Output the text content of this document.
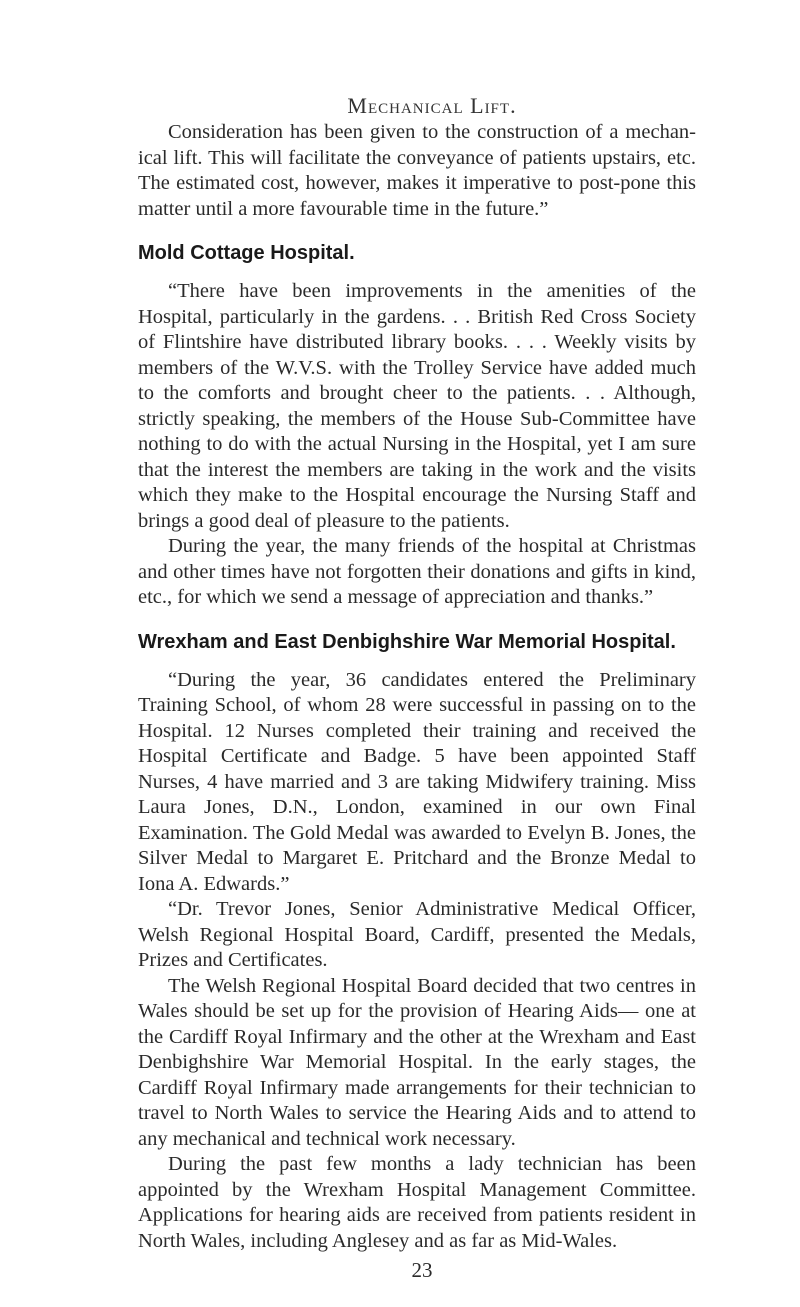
Mechanical Lift.

Consideration has been given to the construction of a mechan-ical lift. This will facilitate the conveyance of patients upstairs, etc. The estimated cost, however, makes it imperative to post-pone this matter until a more favourable time in the future.”

Mold Cottage Hospital.

“There have been improvements in the amenities of the Hospital, particularly in the gardens. . . British Red Cross Society of Flintshire have distributed library books. . . . Weekly visits by members of the W.V.S. with the Trolley Service have added much to the comforts and brought cheer to the patients. . . Although, strictly speaking, the members of the House Sub-Committee have nothing to do with the actual Nursing in the Hospital, yet I am sure that the interest the members are taking in the work and the visits which they make to the Hospital encourage the Nursing Staff and brings a good deal of pleasure to the patients.

During the year, the many friends of the hospital at Christmas and other times have not forgotten their donations and gifts in kind, etc., for which we send a message of appreciation and thanks.”

Wrexham and East Denbighshire War Memorial Hospital.

“During the year, 36 candidates entered the Preliminary Training School, of whom 28 were successful in passing on to the Hospital. 12 Nurses completed their training and received the Hospital Certificate and Badge. 5 have been appointed Staff Nurses, 4 have married and 3 are taking Midwifery training. Miss Laura Jones, D.N., London, examined in our own Final Examination. The Gold Medal was awarded to Evelyn B. Jones, the Silver Medal to Margaret E. Pritchard and the Bronze Medal to Iona A. Edwards.”

“Dr. Trevor Jones, Senior Administrative Medical Officer, Welsh Regional Hospital Board, Cardiff, presented the Medals, Prizes and Certificates.

The Welsh Regional Hospital Board decided that two centres in Wales should be set up for the provision of Hearing Aids— one at the Cardiff Royal Infirmary and the other at the Wrexham and East Denbighshire War Memorial Hospital. In the early stages, the Cardiff Royal Infirmary made arrangements for their technician to travel to North Wales to service the Hearing Aids and to attend to any mechanical and technical work necessary.

During the past few months a lady technician has been appointed by the Wrexham Hospital Management Committee. Applications for hearing aids are received from patients resident in North Wales, including Anglesey and as far as Mid-Wales.

23
